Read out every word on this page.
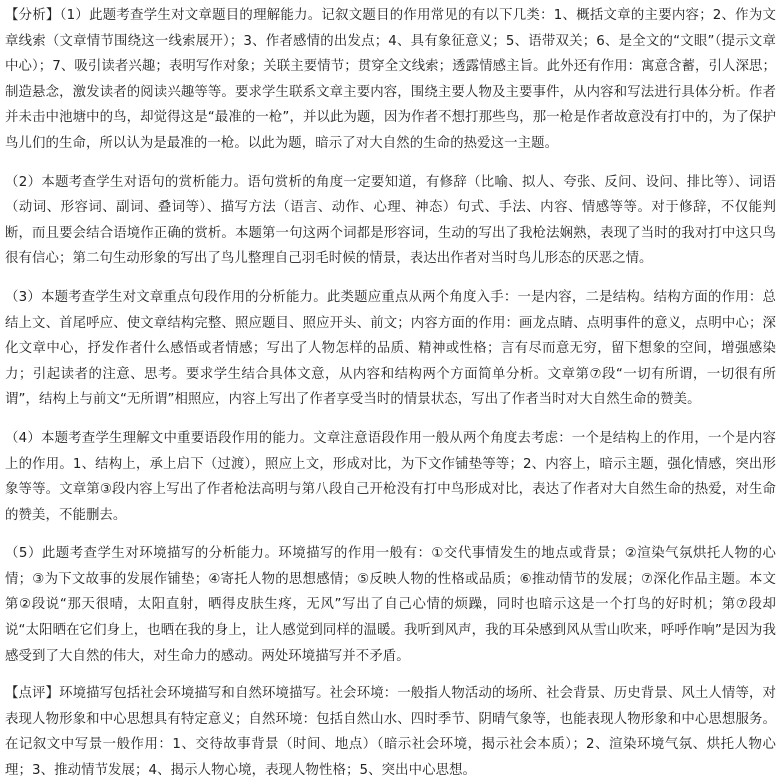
【分析】（1）此题考查学生对文章题目的理解能力。记叙文题目的作用常见的有以下几类：1、概括文章的主要内容；2、作为文章线索（文章情节围绕这一线索展开）；3、作者感情的出发点；4、具有象征意义；5、语带双关；6、是全文的“文眼”（提示文章中心）；7、吸引读者兴趣；表明写作对象；关联主要情节；贯穿全文线索；透露情感主旨。此外还有作用：寓意含蓄，引人深思；制造悬念，激发读者的阅读兴趣等等。要求学生联系文章主要内容，围绕主要人物及主要事件，从内容和写法进行具体分析。作者并未击中池塘中的鸟，却觉得这是“最准的一枪”，并以此为题，因为作者不想打那些鸟，那一枪是作者故意没有打中的，为了保护鸟儿们的生命，所以认为是最准的一枪。以此为题，暗示了对大自然的生命的热爱这一主题。

（2）本题考查学生对语句的赏析能力。语句赏析的角度一定要知道，有修辞（比喻、拟人、夸张、反问、设问、排比等）、词语（动词、形容词、副词、叠词等）、描写方法（语言、动作、心理、神态）句式、手法、内容、情感等等。对于修辞，不仅能判断，而且要会结合语境作正确的赏析。本题第一句这两个词都是形容词，生动的写出了我枪法娴熟，表现了当时的我对打中这只鸟很有信心；第二句生动形象的写出了鸟儿整理自己羽毛时候的情景，表达出作者对当时鸟儿形态的厌恶之情。

（3）本题考查学生对文章重点句段作用的分析能力。此类题应重点从两个角度入手：一是内容，二是结构。结构方面的作用：总结上文、首尾呼应、使文章结构完整、照应题目、照应开头、前文；内容方面的作用：画龙点睛、点明事件的意义，点明中心；深化文章中心，抒发作者什么感悟或者情感；写出了人物怎样的品质、精神或性格；言有尽而意无穷，留下想象的空间，增强感染力；引起读者的注意、思考。要求学生结合具体文意，从内容和结构两个方面简单分析。文章第⑦段“一切有所谓，一切很有所谓”，结构上与前文“无所谓”相照应，内容上写出了作者享受当时的情景状态，写出了作者当时对大自然生命的赞美。

（4）本题考查学生理解文中重要语段作用的能力。文章注意语段作用一般从两个角度去考虑：一个是结构上的作用，一个是内容上的作用。1、结构上，承上启下（过渡），照应上文，形成对比，为下文作铺垫等等；2、内容上，暗示主题，强化情感，突出形象等等。文章第③段内容上写出了作者枪法高明与第八段自己开枪没有打中鸟形成对比，表达了作者对大自然生命的热爱，对生命的赞美，不能删去。

（5）此题考查学生对环境描写的分析能力。环境描写的作用一般有：①交代事情发生的地点或背景；②渲染气氛烘托人物的心情；③为下文故事的发展作铺垫；④寄托人物的思想感情；⑤反映人物的性格或品质；⑥推动情节的发展；⑦深化作品主题。本文第②段说“那天很晴，太阳直射，晒得皮肤生疼，无风”写出了自己心情的烦躁，同时也暗示这是一个打鸟的好时机；第⑦段却说“太阳晒在它们身上，也晒在我的身上，让人感觉到同样的温暖。我听到风声，我的耳朵感到风从雪山吹来，呼呼作响”是因为我感受到了大自然的伟大，对生命力的感动。两处环境描写并不矛盾。

【点评】环境描写包括社会环境描写和自然环境描写。社会环境：一般指人物活动的场所、社会背景、历史背景、风土人情等，对表现人物形象和中心思想具有特定意义；自然环境：包括自然山水、四时季节、阴晴气象等，也能表现人物形象和中心思想服务。在记叙文中写景一般作用：1、交待故事背景（时间、地点）（暗示社会环境，揭示社会本质）；2、渲染环境气氛、烘托人物心理；3、推动情节发展；4、揭示人物心境，表现人物性格；5、突出中心思想。
